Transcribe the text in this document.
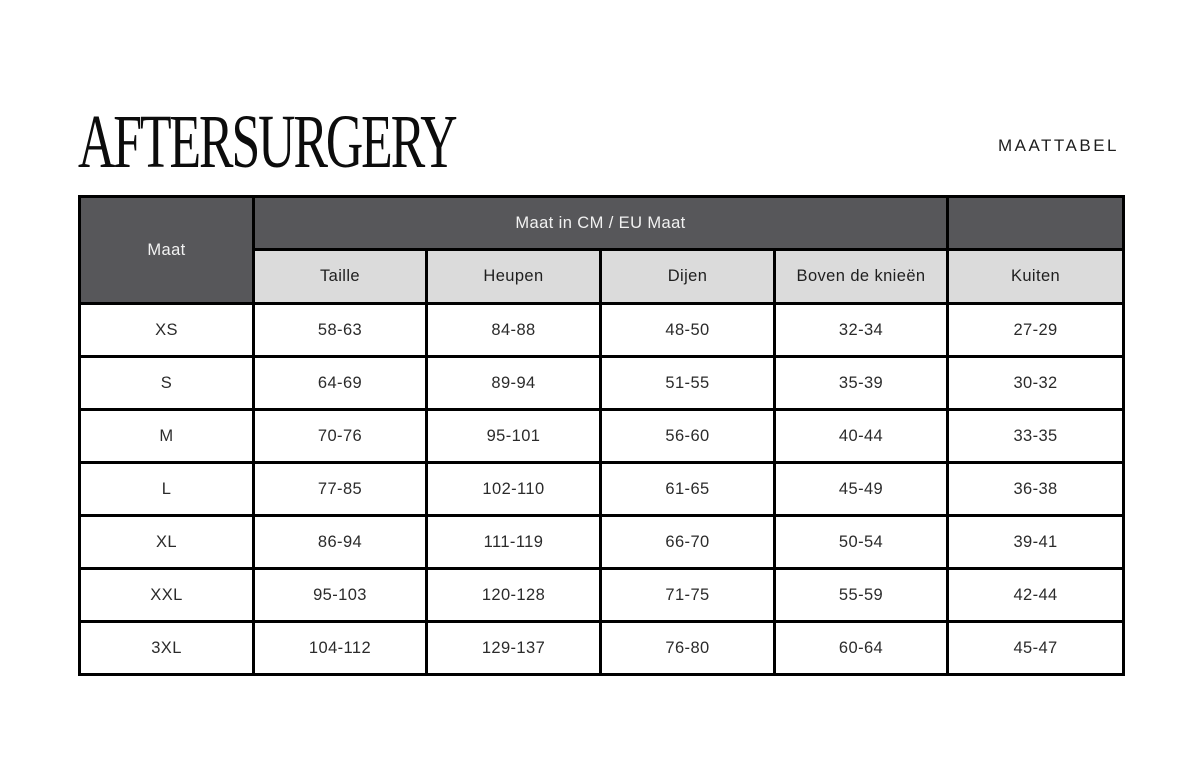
AFTERSURGERY	MAATTABEL
Maat	Maat in CM / EU Maat				
	Taille	Heupen	Dijen	Boven de knieën	Kuiten
XS	58-63	84-88	48-50	32-34	27-29
S	64-69	89-94	51-55	35-39	30-32
M	70-76	95-101	56-60	40-44	33-35
L	77-85	102-110	61-65	45-49	36-38
XL	86-94	111-119	66-70	50-54	39-41
XXL	95-103	120-128	71-75	55-59	42-44
3XL	104-112	129-137	76-80	60-64	45-47
